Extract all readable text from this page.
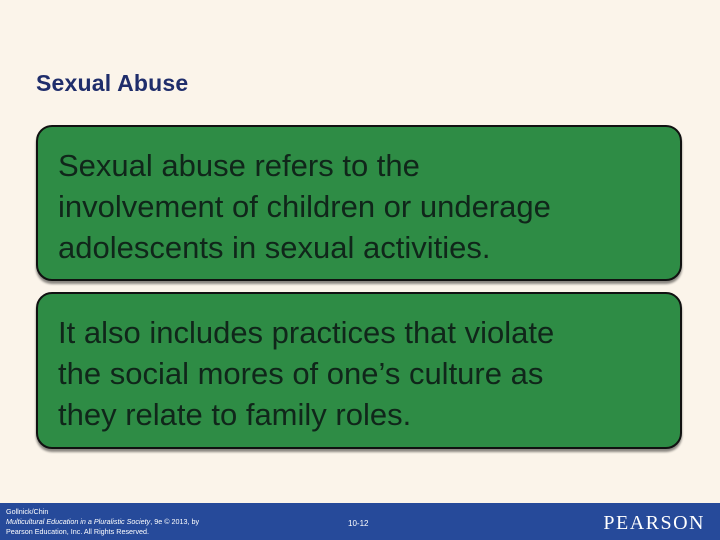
Sexual Abuse

Sexual abuse refers to the
involvement of children or underage
adolescents in sexual activities.

It also includes practices that violate
the social mores of one’s culture as
they relate to family roles.

Gollnick/Chin
Multicultural Education in a Pluralistic Society, 9e © 2013, by
Pearson Education, Inc. All Rights Reserved.
10-12	PEARSON
